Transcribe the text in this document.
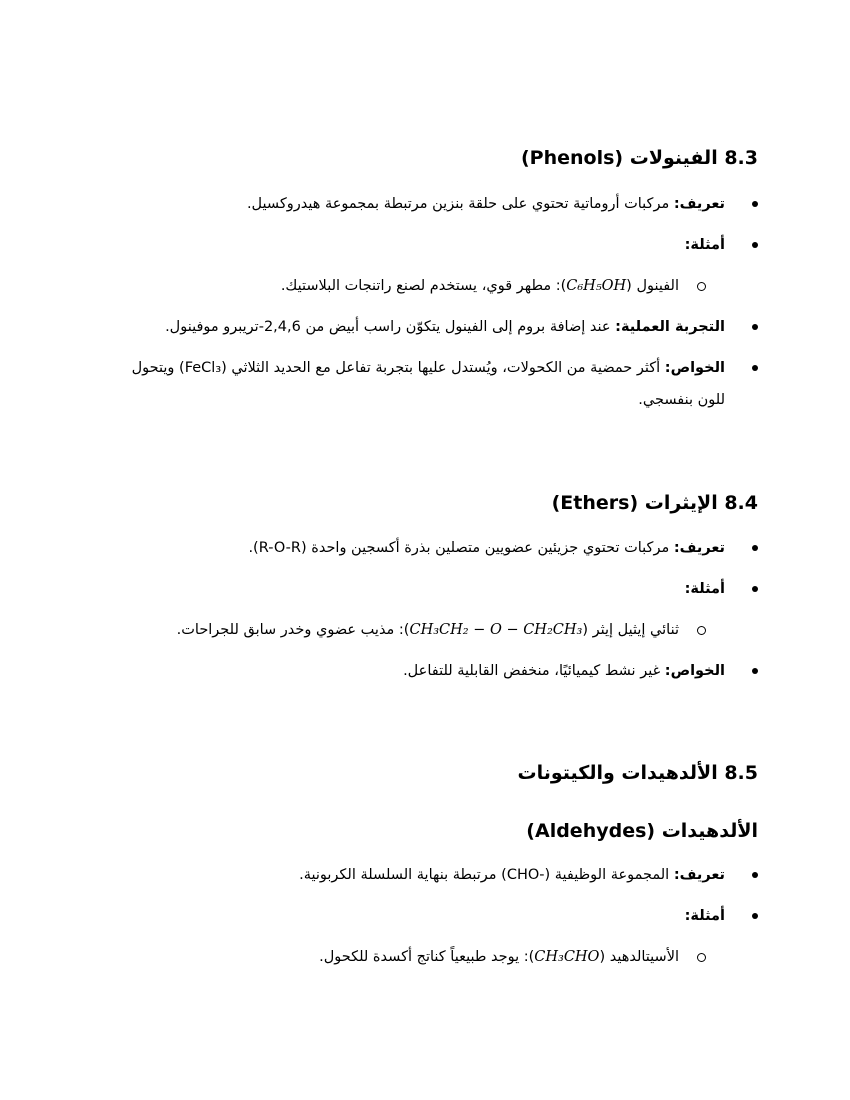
8.3 الفينولات (Phenols)
تعريف: مركبات أروماتية تحتوي على حلقة بنزين مرتبطة بمجموعة هيدروكسيل.
أمثلة:
الفينول (C₆H₅OH): مطهر قوي، يستخدم لصنع راتنجات البلاستيك.
التجربة العملية: عند إضافة بروم إلى الفينول يتكوّن راسب أبيض من 2,4,6-تريبرو موفينول.
الخواص: أكثر حمضية من الكحولات، ويُستدل عليها بتجربة تفاعل مع الحديد الثلاثي (FeCl₃) ويتحول للون بنفسجي.
8.4 الإيثرات (Ethers)
تعريف: مركبات تحتوي جزيئين عضويين متصلين بذرة أكسجين واحدة (R-O-R).
أمثلة:
ثنائي إيثيل إيثر (CH₃CH₂ − O − CH₂CH₃): مذيب عضوي وخدر سابق للجراحات.
الخواص: غير نشط كيميائيًا، منخفض القابلية للتفاعل.
8.5 الألدهيدات والكيتونات
الألدهيدات (Aldehydes)
تعريف: المجموعة الوظيفية (-CHO) مرتبطة بنهاية السلسلة الكربونية.
أمثلة:
الأسيتالدهيد (CH₃CHO): يوجد طبيعياً كناتج أكسدة للكحول.
